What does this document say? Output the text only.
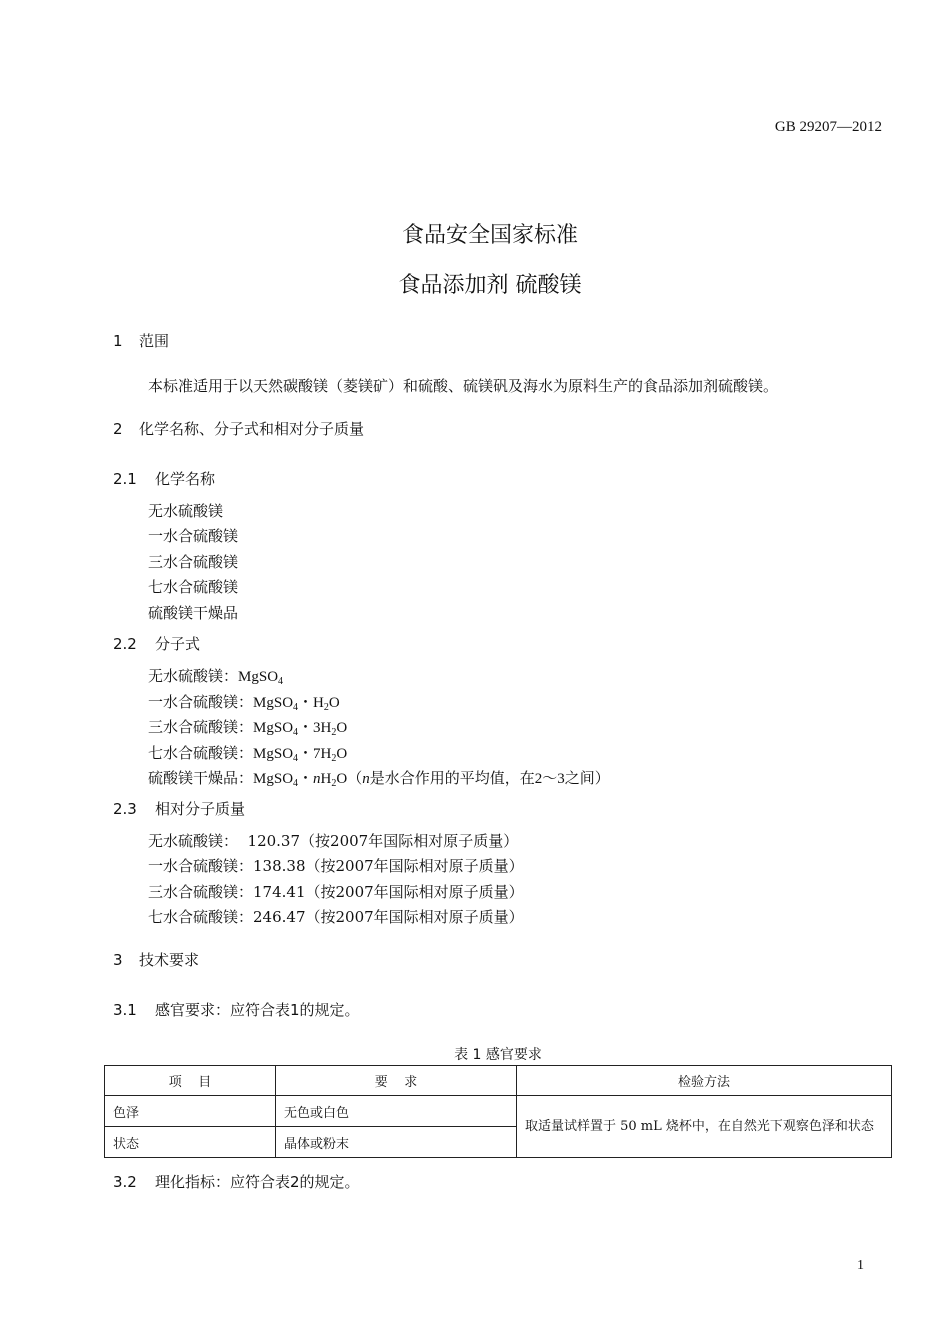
GB 29207—2012
食品安全国家标准
食品添加剂 硫酸镁
1 范围
本标准适用于以天然碳酸镁（菱镁矿）和硫酸、硫镁矾及海水为原料生产的食品添加剂硫酸镁。
2 化学名称、分子式和相对分子质量
2.1 化学名称
无水硫酸镁
一水合硫酸镁
三水合硫酸镁
七水合硫酸镁
硫酸镁干燥品
2.2 分子式
无水硫酸镁：MgSO$_4$
一水合硫酸镁：MgSO$_4$・$H_2O$
三水合硫酸镁：MgSO$_4$・$3H_2O$
七水合硫酸镁：MgSO$_4$・$7H_2O$
硫酸镁干燥品：MgSO$_4$・$nH_2O(n$是水合作用的平均值，在2～3之间）
2.3 相对分子质量
无水硫酸镁：  120.37（按2007年国际相对原子质量）
一水合硫酸镁：138.38（按2007年国际相对原子质量）
三水合硫酸镁：174.41（按2007年国际相对原子质量）
七水合硫酸镁：246.47（按2007年国际相对原子质量）
3 技术要求
3.1 感官要求：应符合表1的规定。
表 1 感官要求
项    目	要    求	检验方法
色泽	无色或白色	取适量试样置于 50 mL 烧杯中，在自然光下观察色泽和状态
状态	晶体或粉末	
3.2 理化指标：应符合表2的规定。
1
